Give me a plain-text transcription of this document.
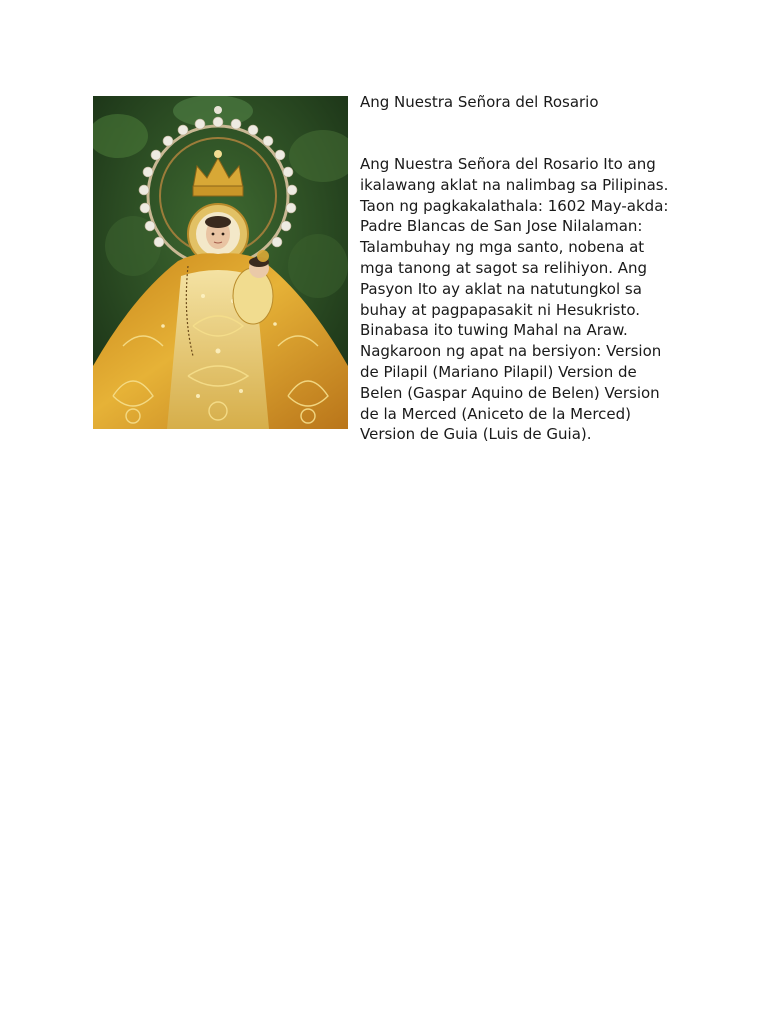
Ang Nuestra Señora del Rosario

Ang Nuestra Señora del Rosario Ito ang ikalawang aklat na nalimbag sa Pilipinas. Taon ng pagkakalathala: 1602 May-akda: Padre Blancas de San Jose Nilalaman: Talambuhay ng mga santo, nobena at mga tanong at sagot sa relihiyon. Ang Pasyon Ito ay aklat na natutungkol sa buhay at pagpapasakit ni Hesukristo. Binabasa ito tuwing Mahal na Araw. Nagkaroon ng apat na bersiyon: Version de Pilapil (Mariano Pilapil) Version de Belen (Gaspar Aquino de Belen) Version de la Merced (Aniceto de la Merced) Version de Guia (Luis de Guia).
